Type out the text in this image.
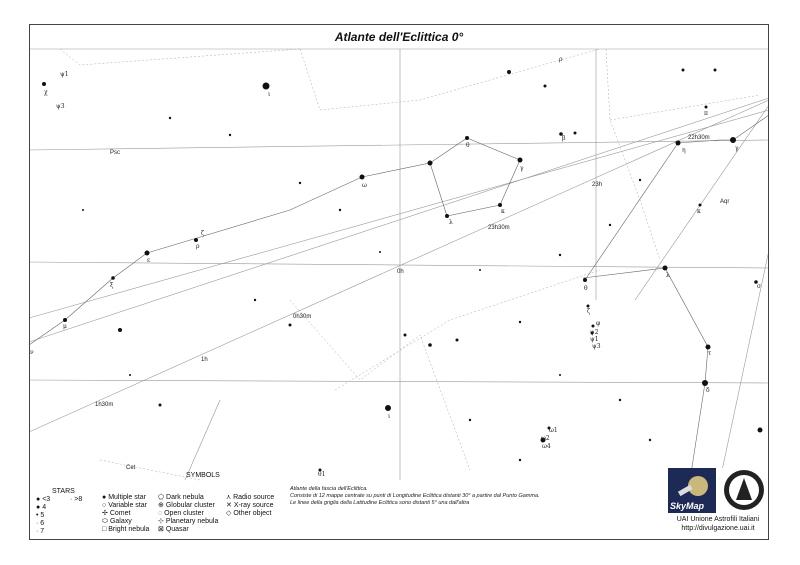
22h30m
23h
23h30m
0h
0h30m
1h
1h30m
Psc
Aqr
Cet
ψ1
χ
ψ3
ι
θ
γ
β
ρ
π
η	γ
κ
ω
λ
κ
ε
ξ
μ
ν
θ
λ
ζ
φ
ψ2
ψ1
ψ3
τ
σ
δ
ι
ω1
ω2
ω4
θ1
ρ
ζ
Atlante dell'Eclittica 0°
STARS
● <3
● 4
• 5
· 6
· 7
· >8
SYMBOLS
● Multiple star
○ Variable star
✢ Comet
⬭ Galaxy
□ Bright nebula
⬠ Dark nebula
⊕ Globular cluster
◌ Open cluster
⊹ Planetary nebula
⊠ Quasar
⋏ Radio source
✕ X-ray source
◇ Other object
Atlante della fascia dell'Eclittica.
Consiste di 12 mappe centrate su punti di Longitudine Eclittica distanti 30° a partire dal Punto Gamma.
Le linee della griglia della Latitudine Eclittica sono distanti 5° una dall'altra	SkyMap
UAI Unione Astrofili Italiani
http://divulgazione.uai.it
